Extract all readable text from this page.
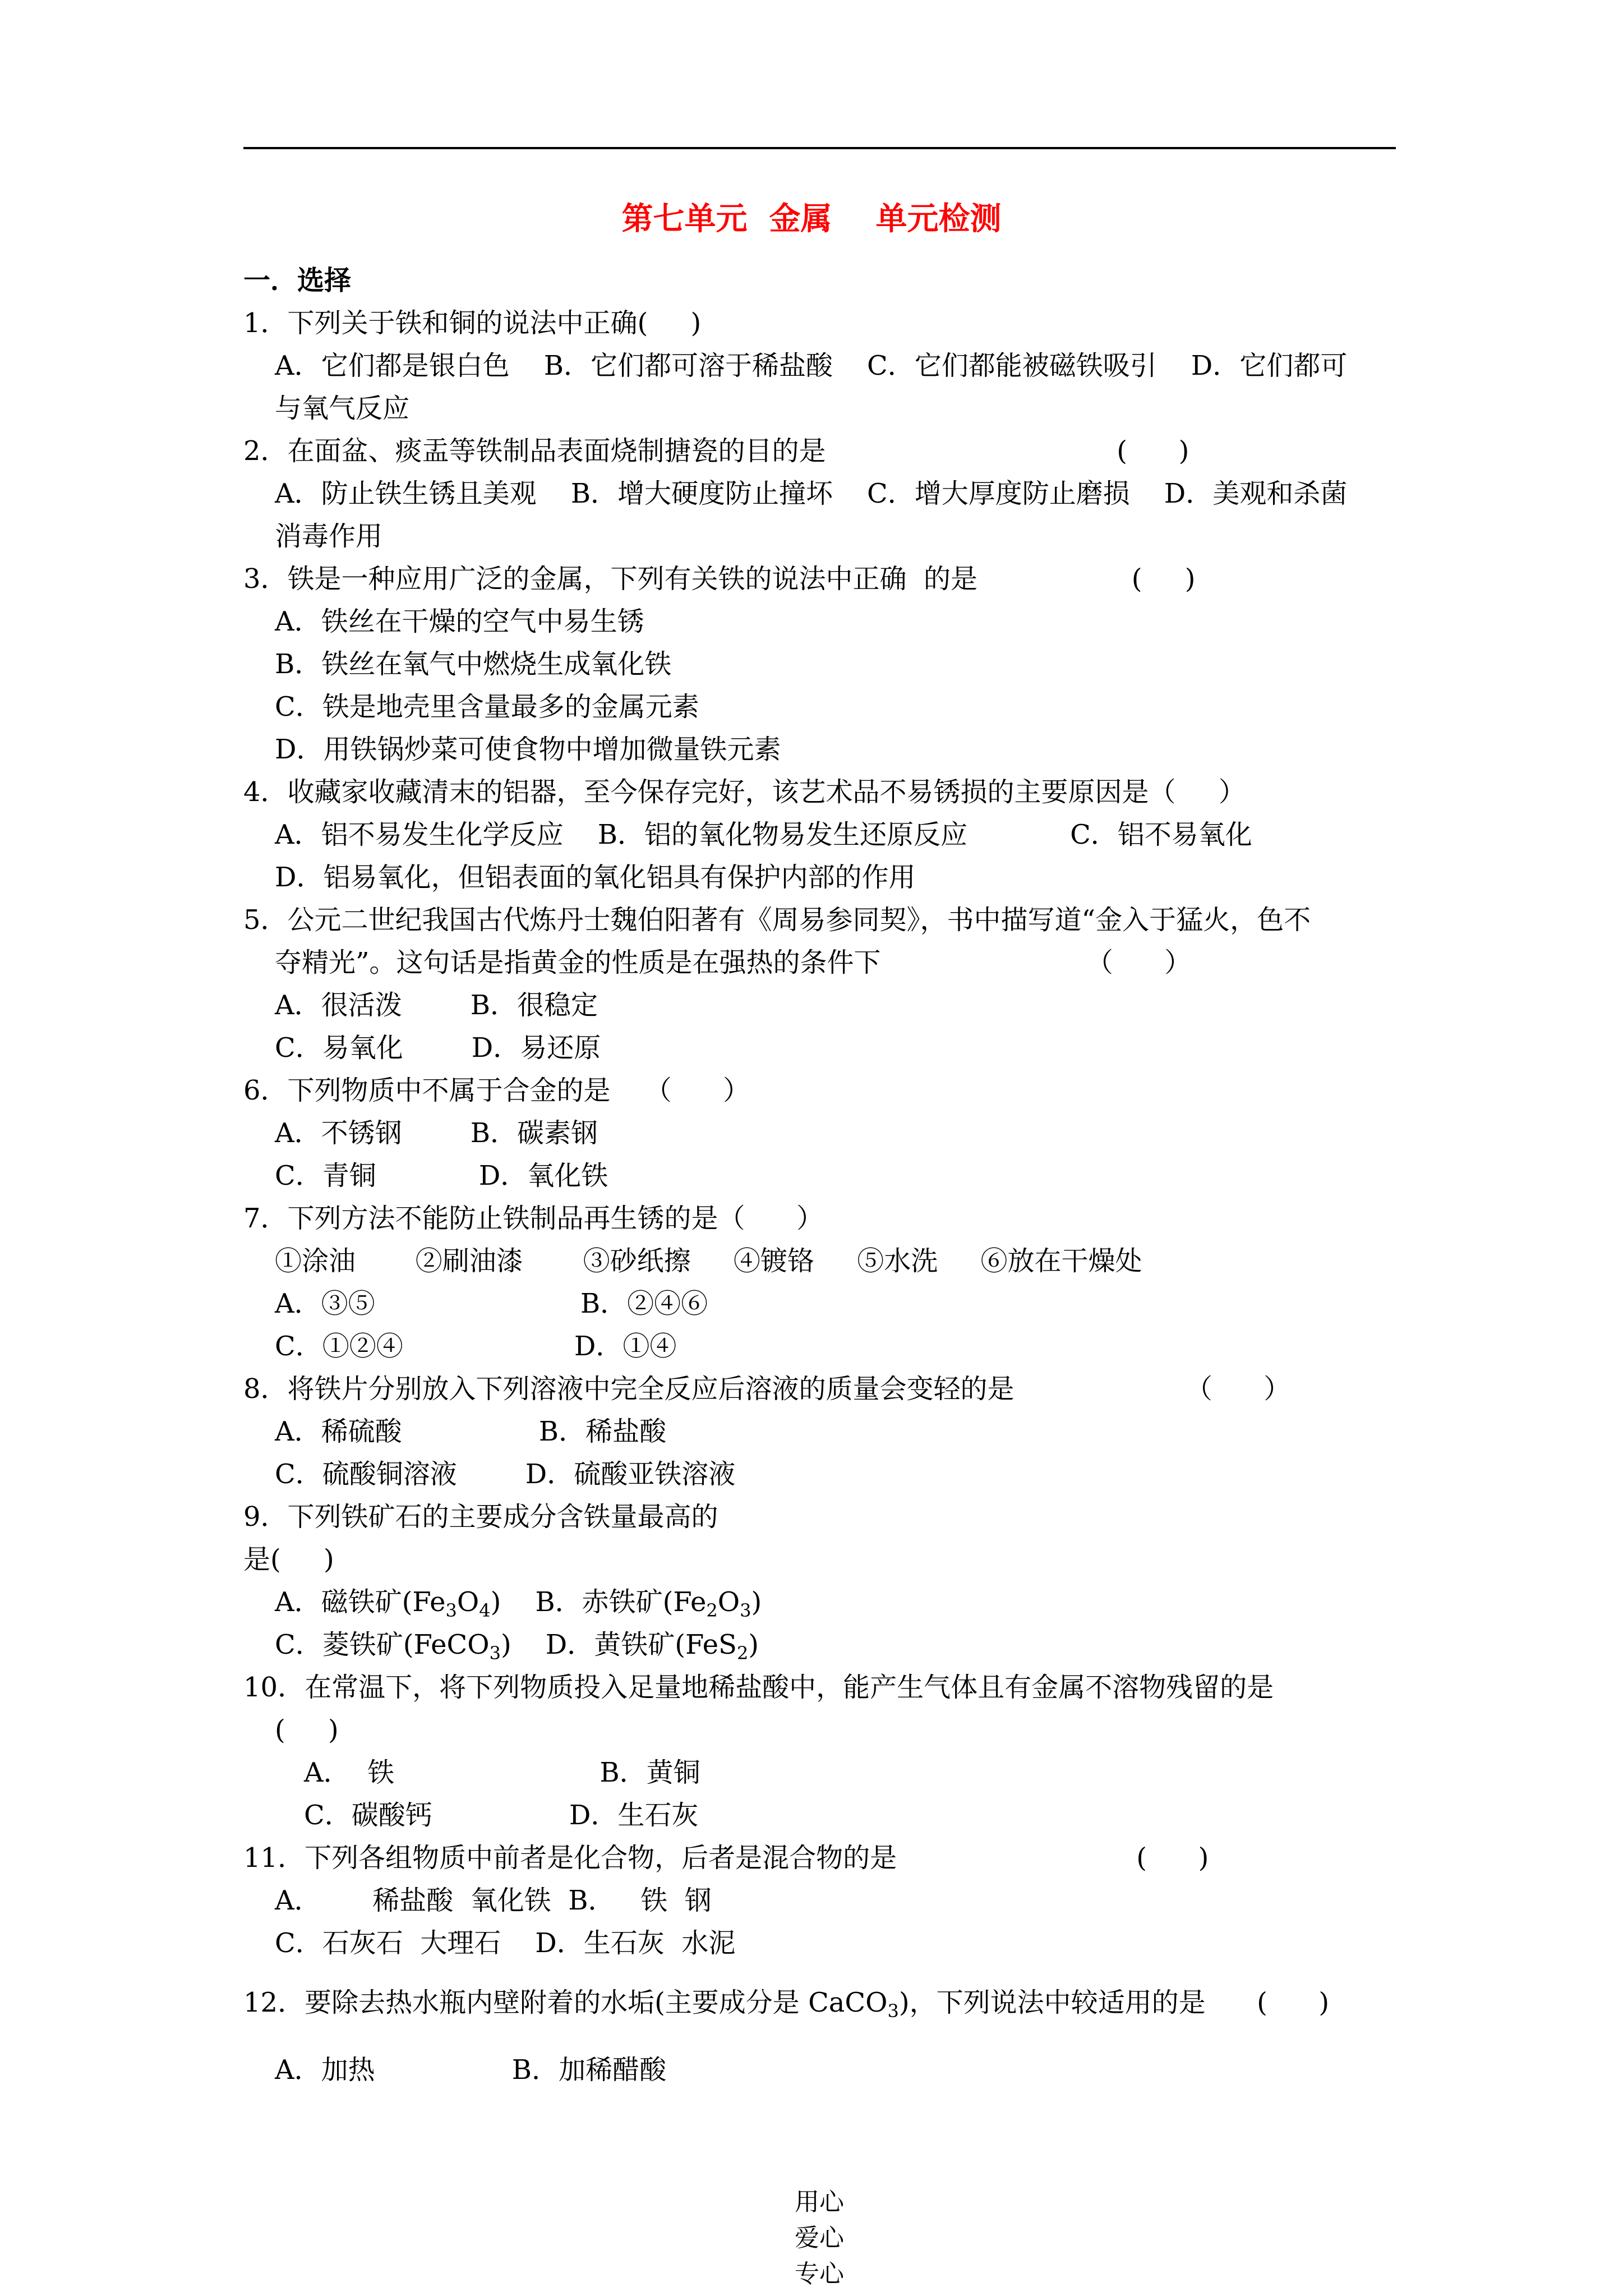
第七单元  金属    单元检测
一．选择
1．下列关于铁和铜的说法中正确(     )
A．它们都是银白色    B．它们都可溶于稀盐酸    C．它们都能被磁铁吸引    D．它们都可
与氧气反应
2．在面盆、痰盂等铁制品表面烧制搪瓷的目的是                                  (      )
A．防止铁生锈且美观    B．增大硬度防止撞坏    C．增大厚度防止磨损    D．美观和杀菌
消毒作用
3．铁是一种应用广泛的金属，下列有关铁的说法中正确  的是                  (     )
A．铁丝在干燥的空气中易生锈
B．铁丝在氧气中燃烧生成氧化铁
C．铁是地壳里含量最多的金属元素
D．用铁锅炒菜可使食物中增加微量铁元素
4．收藏家收藏清末的铝器，至今保存完好，该艺术品不易锈损的主要原因是（     ）
A．铝不易发生化学反应    B．铝的氧化物易发生还原反应            C．铝不易氧化
D．铝易氧化，但铝表面的氧化铝具有保护内部的作用
5．公元二世纪我国古代炼丹士魏伯阳著有《周易参同契》，书中描写道“金入于猛火，色不
夺精光”。这句话是指黄金的性质是在强热的条件下                        （      ）
A．很活泼        B．很稳定
C．易氧化        D．易还原
6．下列物质中不属于合金的是    （      ）
A．不锈钢        B．碳素钢
C．青铜            D．氧化铁
7．下列方法不能防止铁制品再生锈的是（      ）
①涂油       ②刷油漆       ③砂纸擦     ④镀铬     ⑤水洗     ⑥放在干燥处
A．③⑤                        B．②④⑥
C．①②④                    D．①④
8．将铁片分别放入下列溶液中完全反应后溶液的质量会变轻的是                    （      ）
A．稀硫酸                B．稀盐酸
C．硫酸铜溶液        D．硫酸亚铁溶液
9．下列铁矿石的主要成分含铁量最高的
是(     )
A．磁铁矿$(Fe_3O_4)$    B．赤铁矿$(Fe_2O_3)$
C．菱铁矿(FeCO$_3$)    D．黄铁矿(FeS$_2$)
10．在常温下，将下列物质投入足量地稀盐酸中，能产生气体且有金属不溶物残留的是
(     )
A．  铁                        B．黄铜
C．碳酸钙                D．生石灰
11．下列各组物质中前者是化合物，后者是混合物的是                            (      )
A．      稀盐酸  氧化铁  B．   铁  钢
C．石灰石  大理石    D．生石灰  水泥
12．要除去热水瓶内壁附着的水垢(主要成分是 CaCO$_3$)，下列说法中较适用的是      (      )
A．加热                B．加稀醋酸

用心
爱心
专心
